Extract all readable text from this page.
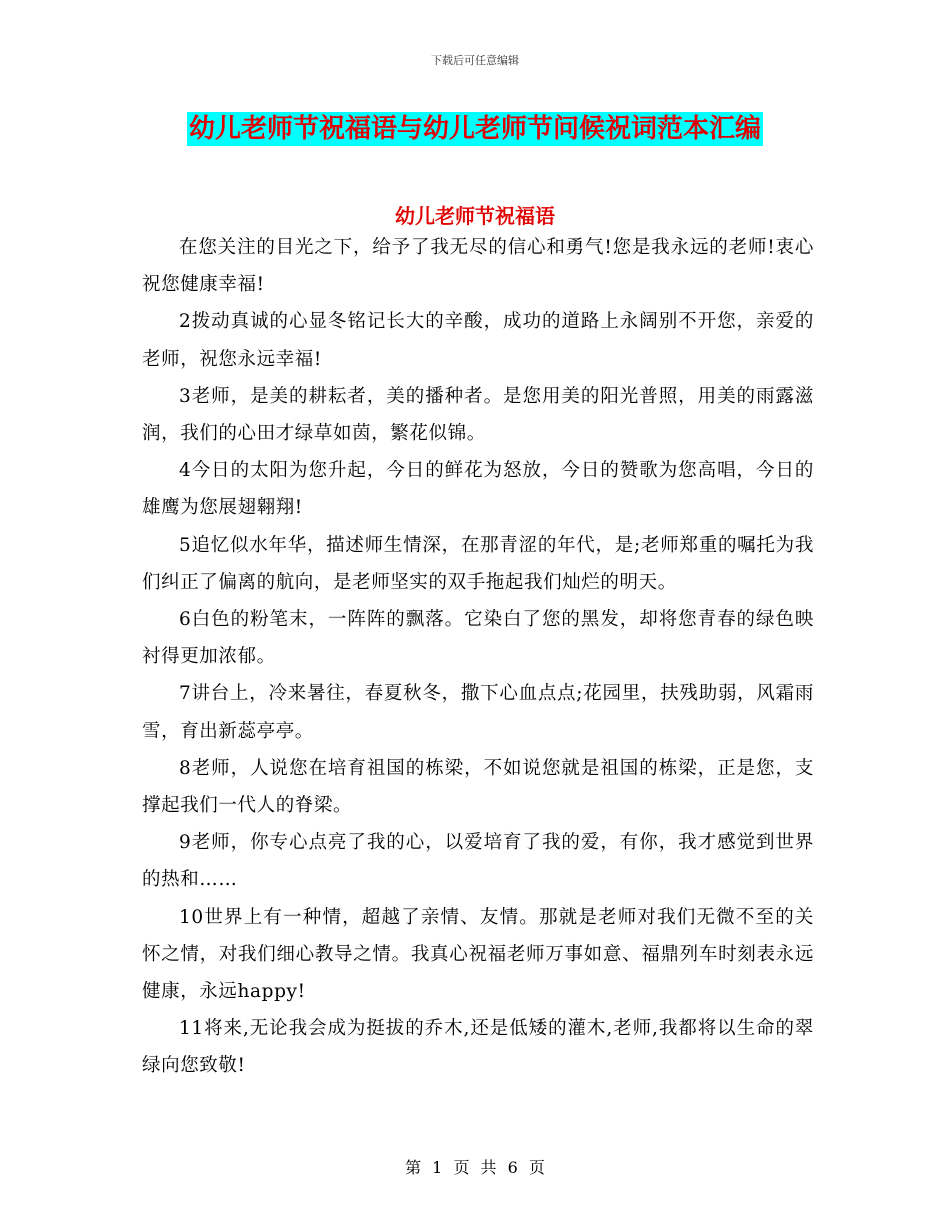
下载后可任意编辑
幼儿老师节祝福语与幼儿老师节问候祝词范本汇编
幼儿老师节祝福语

在您关注的目光之下，给予了我无尽的信心和勇气!您是我永远的老师!衷心祝您健康幸福!

2拨动真诚的心显冬铭记长大的辛酸，成功的道路上永阔别不开您，亲爱的老师，祝您永远幸福!

3老师，是美的耕耘者，美的播种者。是您用美的阳光普照，用美的雨露滋润，我们的心田才绿草如茵，繁花似锦。

4今日的太阳为您升起，今日的鲜花为怒放，今日的赞歌为您高唱，今日的雄鹰为您展翅翱翔!

5追忆似水年华，描述师生情深，在那青涩的年代，是;老师郑重的嘱托为我们纠正了偏离的航向，是老师坚实的双手拖起我们灿烂的明天。

6白色的粉笔末，一阵阵的飘落。它染白了您的黑发，却将您青春的绿色映衬得更加浓郁。

7讲台上，冷来暑往，春夏秋冬，撒下心血点点;花园里，扶残助弱，风霜雨雪，育出新蕊亭亭。

8老师，人说您在培育祖国的栋梁，不如说您就是祖国的栋梁，正是您，支撑起我们一代人的脊梁。

9老师，你专心点亮了我的心，以爱培育了我的爱，有你，我才感觉到世界的热和……

10世界上有一种情，超越了亲情、友情。那就是老师对我们无微不至的关怀之情，对我们细心教导之情。我真心祝福老师万事如意、福鼎列车时刻表永远健康，永远happy!

11将来,无论我会成为挺拔的乔木,还是低矮的灌木,老师,我都将以生命的翠绿向您致敬!

第 1 页 共 6 页
